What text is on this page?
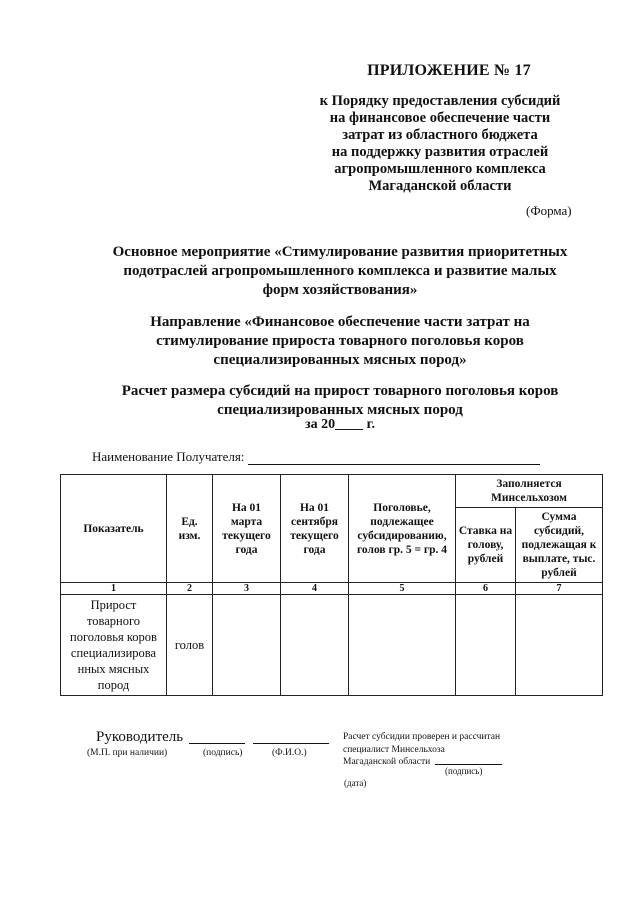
ПРИЛОЖЕНИЕ № 17
к Порядку предоставления субсидий
на финансовое обеспечение части
затрат из областного бюджета
на поддержку развития отраслей
агропромышленного комплекса
Магаданской области
(Форма)
Основное мероприятие «Стимулирование развития приоритетных
подотраслей агропромышленного комплекса и развитие малых
форм хозяйствования»
Направление «Финансовое обеспечение части затрат на
стимулирование прироста товарного поголовья коров
специализированных мясных пород»
Расчет размера субсидий на прирост товарного поголовья коров
специализированных мясных пород
за 20____ г.
Наименование Получателя:
Показатель	Ед. изм.	На 01 марта текущего года	На 01 сентября текущего года	Поголовье, подлежащее субсидированию, голов гр. 5 = гр. 4	Заполняется Минсельхозом	
					Ставка на голову, рублей	Сумма субсидий, подлежащая к выплате, тыс. рублей
1	2	3	4	5	6	7
Прирост товарного поголовья коров специализирова нных мясных пород	голов					
Руководитель
(М.П. при наличии)	(подпись)	(Ф.И.О.)
Расчет субсидии проверен и рассчитан
специалист Минсельхоза
Магаданской области
(подпись)
(дата)
